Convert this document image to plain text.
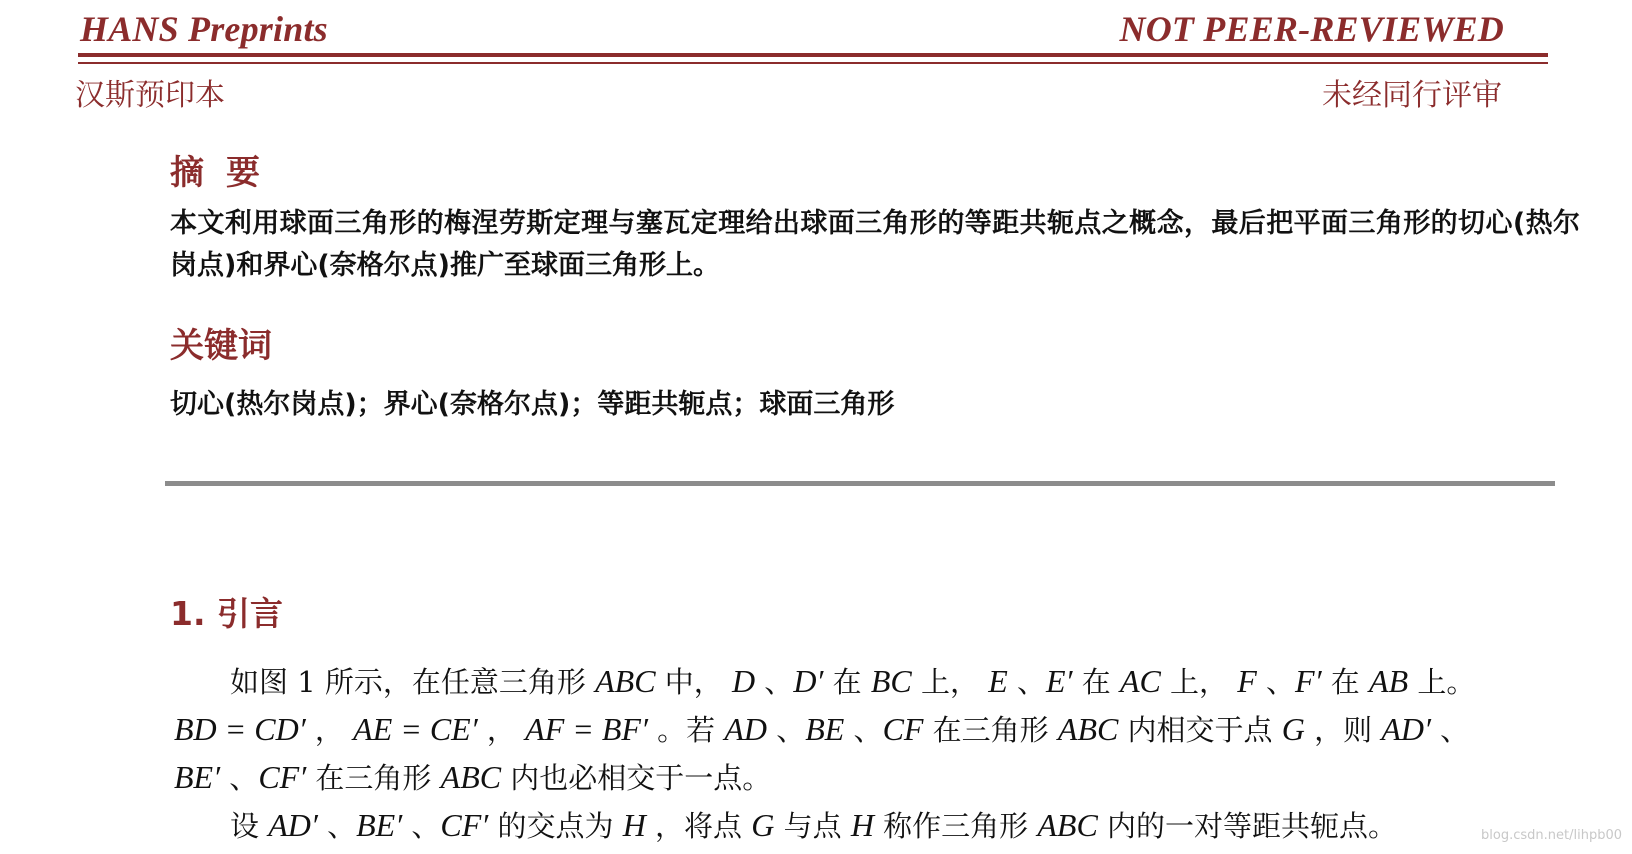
HANS Preprints	NOT PEER-REVIEWED
汉斯预印本	未经同行评审
摘要
本文利用球面三角形的梅涅劳斯定理与塞瓦定理给出球面三角形的等距共轭点之概念，最后把平面三角形的切心(热尔岗点)和界心(奈格尔点)推广至球面三角形上。
关键词
切心(热尔岗点)；界心(奈格尔点)；等距共轭点；球面三角形
1. 引言
如图 1 所示，在任意三角形 ABC 中， D 、D′ 在 BC 上， E 、E′ 在 AC 上， F 、F′ 在 AB 上。
BD = CD′ ， AE = CE′ ， AF = BF′ 。若 AD 、BE 、CF 在三角形 ABC 内相交于点 G ，则 AD′ 、
BE′ 、CF′ 在三角形 ABC 内也必相交于一点。
设 AD′ 、BE′ 、CF′ 的交点为 H ，将点 G 与点 H 称作三角形 ABC 内的一对等距共轭点。	blog.csdn.net/lihpb00
